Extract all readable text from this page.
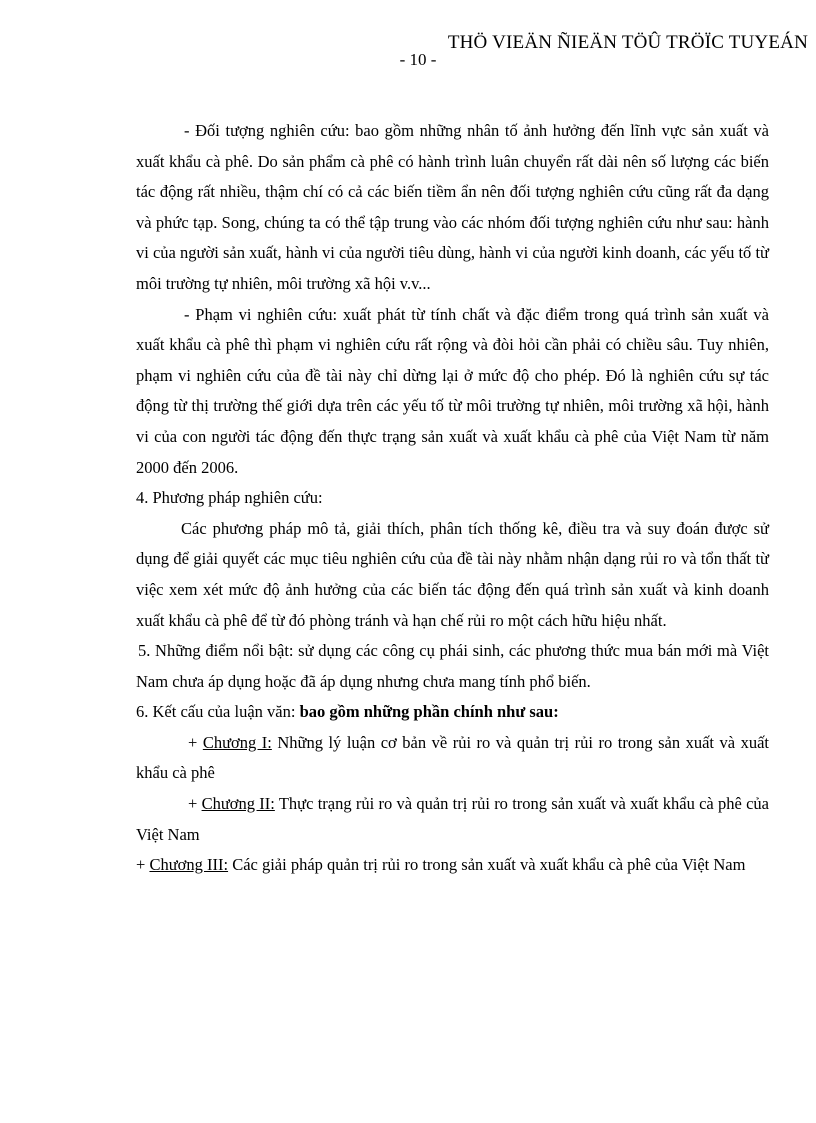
THÖ VIEÄN ÑIEÄN TÖÛ TRÖÏC TUYEÁN
- 10 -

- Đối tượng nghiên cứu: bao gồm những nhân tố ảnh hưởng đến lĩnh vực sản xuất và xuất khẩu cà phê. Do sản phẩm cà phê có hành trình luân chuyển rất dài nên số lượng các biến tác động rất nhiều, thậm chí có cả các biến tiềm ẩn nên đối tượng nghiên cứu cũng rất đa dạng và phức tạp. Song, chúng ta có thể tập trung vào các nhóm đối tượng nghiên cứu như sau: hành vi của người sản xuất, hành vi của người tiêu dùng, hành vi của người kinh doanh, các yếu tố từ môi trường tự nhiên, môi trường xã hội v.v...

- Phạm vi nghiên cứu: xuất phát từ tính chất và đặc điểm trong quá trình sản xuất và xuất khẩu cà phê thì phạm vi nghiên cứu rất rộng và đòi hỏi cần phải có chiều sâu. Tuy nhiên, phạm vi nghiên cứu của đề tài này chỉ dừng lại ở mức độ cho phép. Đó là nghiên cứu sự tác động từ thị trường thế giới dựa trên các yếu tố từ môi trường tự nhiên, môi trường xã hội, hành vi của con người tác động đến thực trạng sản xuất và xuất khẩu cà phê của Việt Nam từ năm 2000 đến 2006.

4. Phương pháp nghiên cứu:

Các phương pháp mô tả, giải thích, phân tích thống kê, điều tra và suy đoán được sử dụng để giải quyết các mục tiêu nghiên cứu của đề tài này nhằm nhận dạng rủi ro và tổn thất từ việc xem xét mức độ ảnh hưởng của các biến tác động đến quá trình sản xuất và kinh doanh xuất khẩu cà phê để từ đó phòng tránh và hạn chế rủi ro một cách hữu hiệu nhất.

5. Những điểm nổi bật: sử dụng các công cụ phái sinh, các phương thức mua bán mới mà Việt Nam chưa áp dụng hoặc đã áp dụng nhưng chưa mang tính phổ biến.

6. Kết cấu của luận văn: bao gồm những phần chính như sau:

+ Chương I: Những lý luận cơ bản về rủi ro và quản trị rủi ro trong sản xuất và xuất khẩu cà phê

+ Chương II: Thực trạng rủi ro và quản trị rủi ro trong sản xuất và xuất khẩu cà phê của Việt Nam

+ Chương III: Các giải pháp quản trị rủi ro trong sản xuất và xuất khẩu cà phê của Việt Nam
